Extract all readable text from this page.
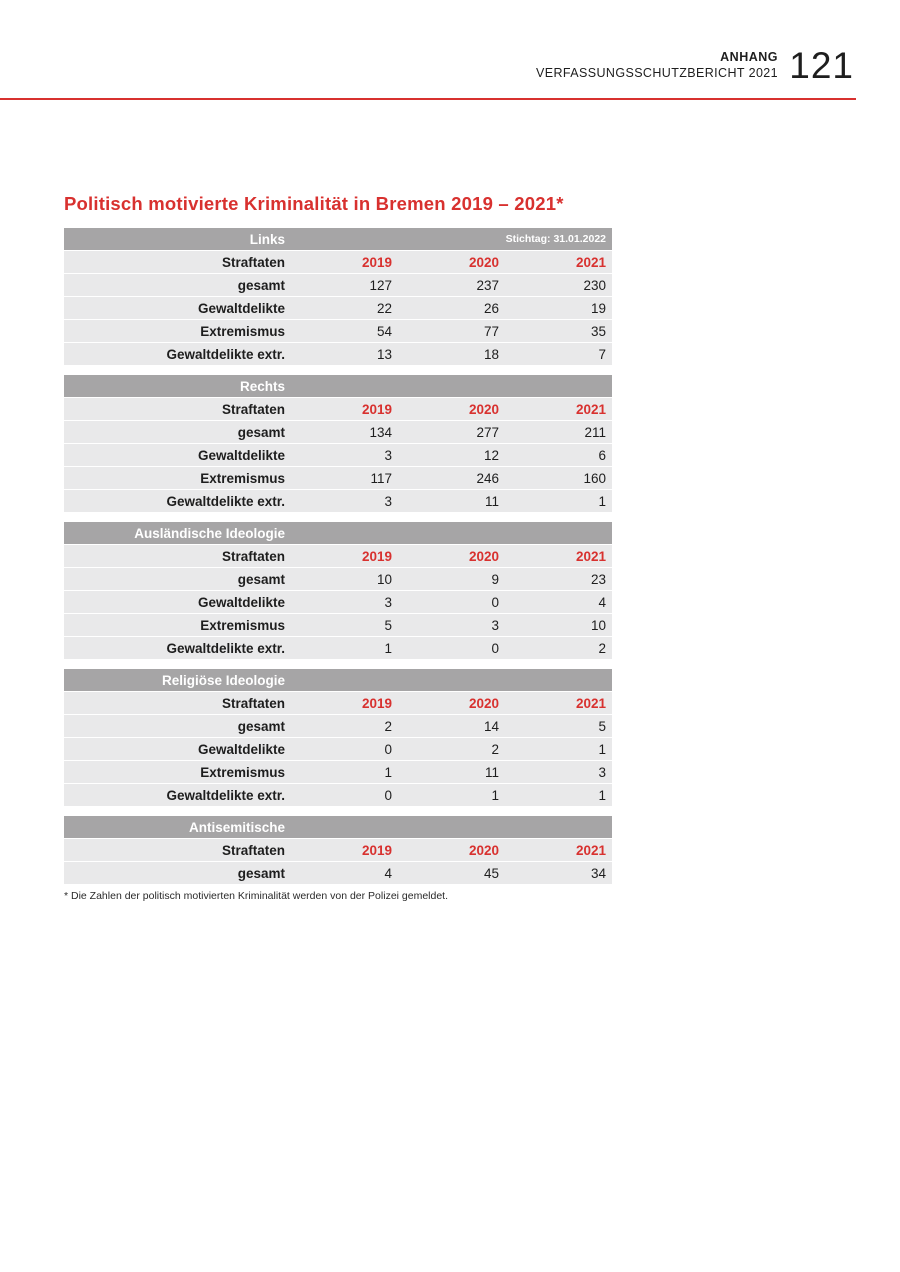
ANHANG
VERFASSUNGSSCHUTZBERICHT 2021 121
Politisch motivierte Kriminalität in Bremen 2019 – 2021*
Links	Stichtag: 31.01.2022
Straftaten	2019	2020	2021
gesamt	127	237	230
Gewaltdelikte	22	26	19
Extremismus	54	77	35
Gewaltdelikte extr.	13	18	7
Rechts
Straftaten	2019	2020	2021
gesamt	134	277	211
Gewaltdelikte	3	12	6
Extremismus	117	246	160
Gewaltdelikte extr.	3	11	1
Ausländische Ideologie
Straftaten	2019	2020	2021
gesamt	10	9	23
Gewaltdelikte	3	0	4
Extremismus	5	3	10
Gewaltdelikte extr.	1	0	2
Religiöse Ideologie
Straftaten	2019	2020	2021
gesamt	2	14	5
Gewaltdelikte	0	2	1
Extremismus	1	11	3
Gewaltdelikte extr.	0	1	1
Antisemitische
Straftaten	2019	2020	2021
gesamt	4	45	34
* Die Zahlen der politisch motivierten Kriminalität werden von der Polizei gemeldet.
